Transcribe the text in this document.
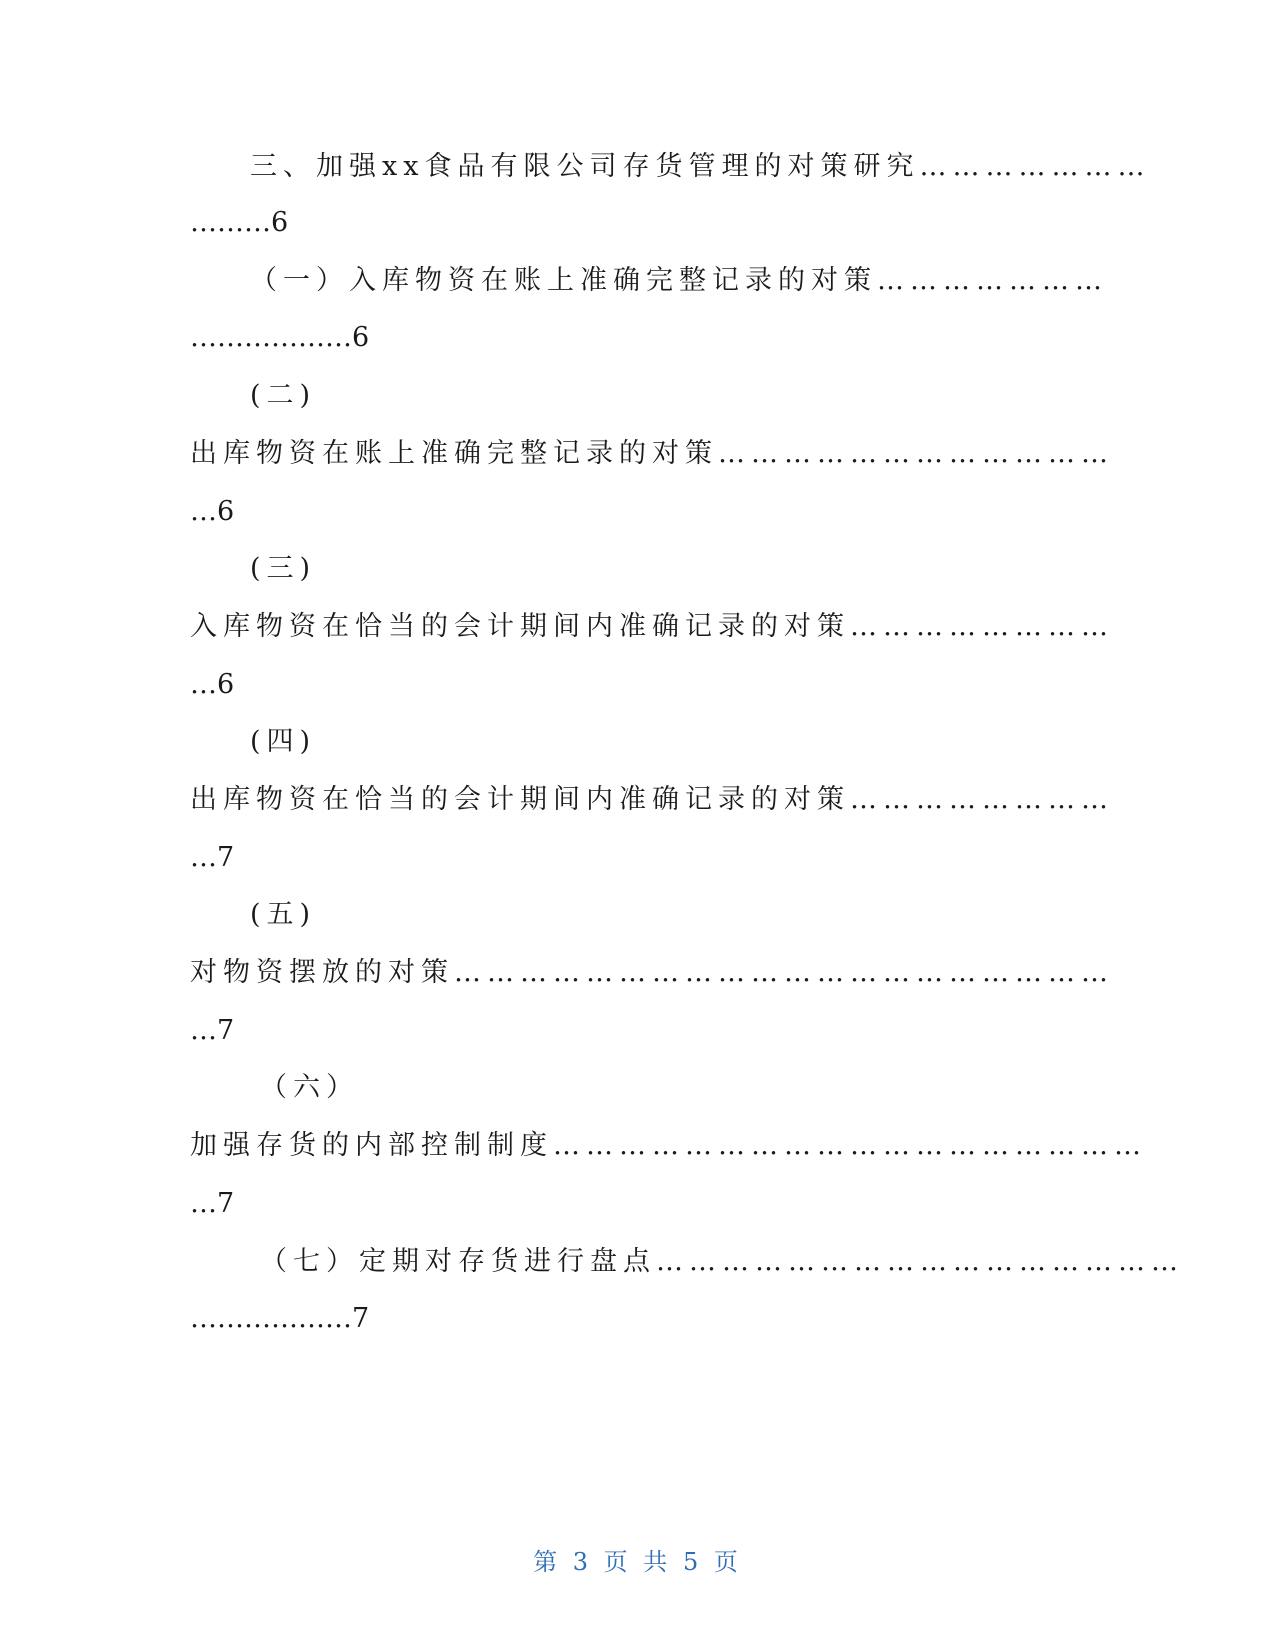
三、加强xx食品有限公司存货管理的对策研究…………………
………6
（一）入库物资在账上准确完整记录的对策…………………
………………6
(二)
出库物资在账上准确完整记录的对策………………………………
…6
(三)
入库物资在恰当的会计期间内准确记录的对策……………………
…6
(四)
出库物资在恰当的会计期间内准确记录的对策……………………
…7
(五)
对物资摆放的对策……………………………………………………
…7
（六）
加强存货的内部控制制度………………………………………………
…7
（七）定期对存货进行盘点…………………………………………
………………7
第 3 页 共 5 页
